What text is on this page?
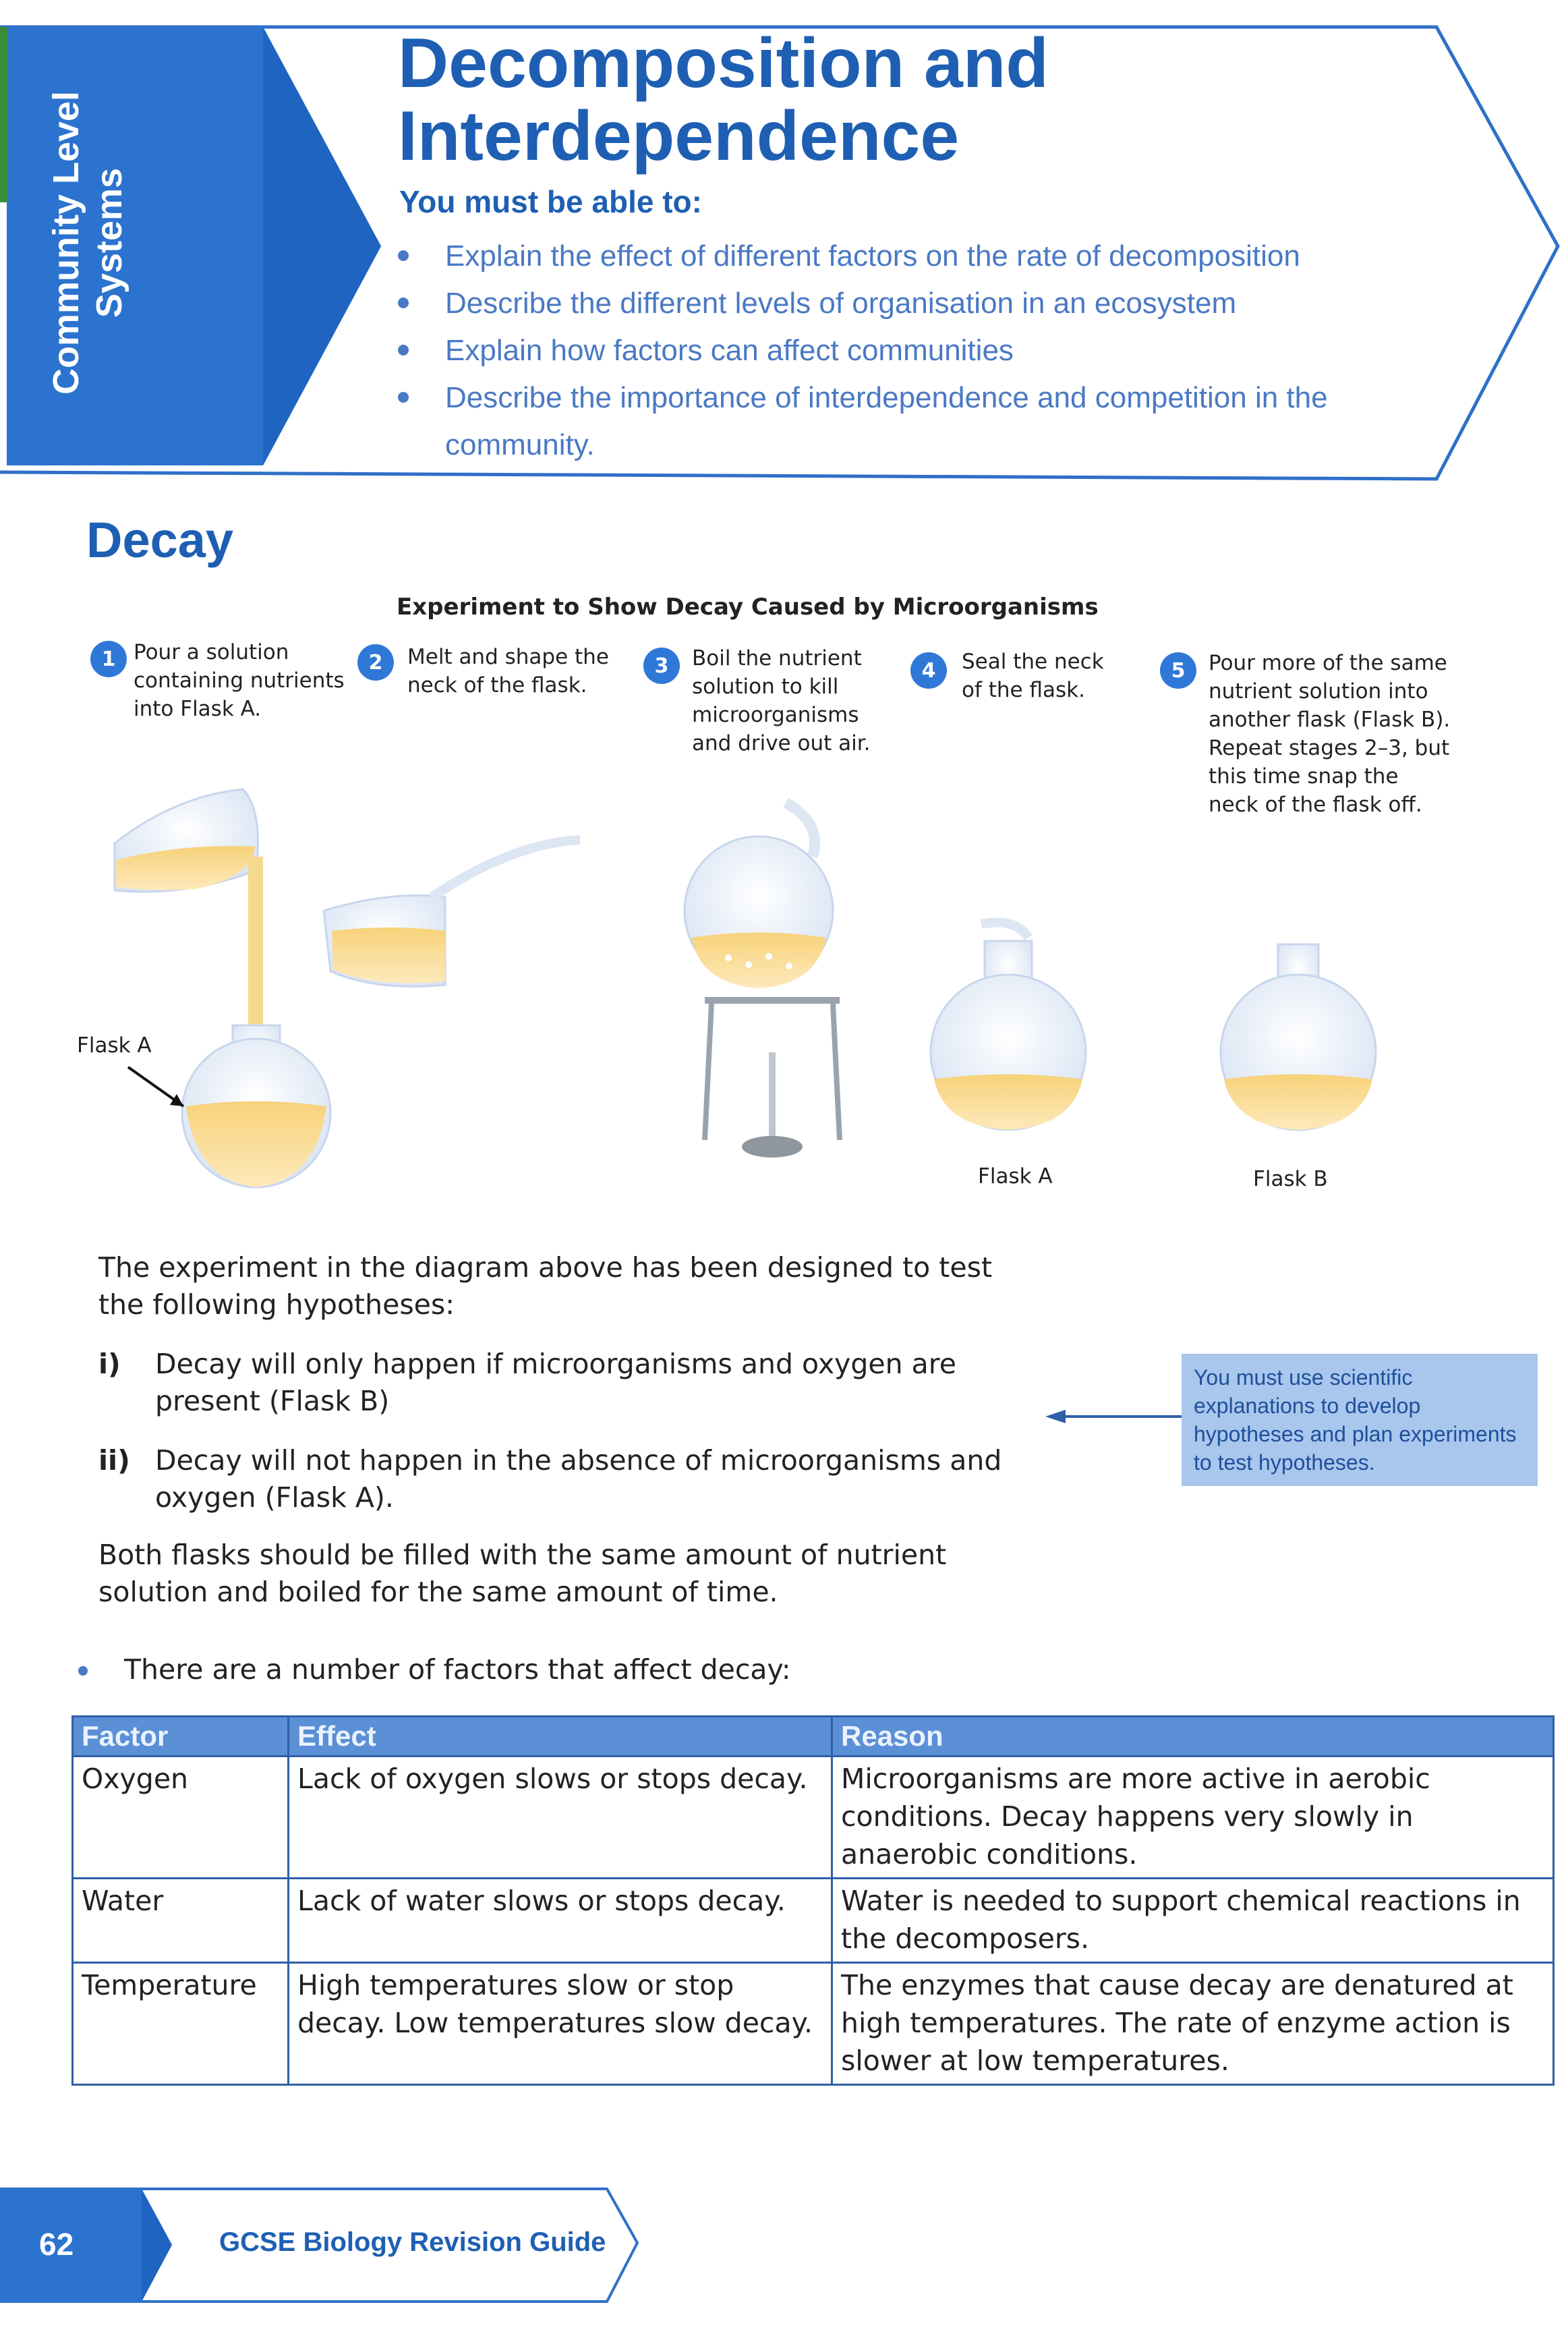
Community Level Systems
Decomposition and
Interdependence
You must be able to:
Explain the effect of different factors on the rate of decomposition
Describe the different levels of organisation in an ecosystem
Explain how factors can affect communities
Describe the importance of interdependence and competition in the community.
Decay
Experiment to Show Decay Caused by Microorganisms
1 Pour a solution containing nutrients into Flask A.
2	Melt and shape the neck of the flask.
3	Boil the nutrient solution to kill microorganisms and drive out air.
4	Seal the neck of the flask.
5	Pour more of the same nutrient solution into another flask (Flask B). Repeat stages 2–3, but this time snap the neck of the flask off.
Flask A
Flask A	Flask B
The experiment in the diagram above has been designed to test the following hypotheses:
i) Decay will only happen if microorganisms and oxygen are present (Flask B)
ii) Decay will not happen in the absence of microorganisms and oxygen (Flask A).
Both flasks should be filled with the same amount of nutrient solution and boiled for the same amount of time.
You must use scientific explanations to develop hypotheses and plan experiments to test hypotheses.
There are a number of factors that affect decay:
Factor	Effect	Reason
Oxygen	Lack of oxygen slows or stops decay.	Microorganisms are more active in aerobic conditions. Decay happens very slowly in anaerobic conditions.
Water	Lack of water slows or stops decay.	Water is needed to support chemical reactions in the decomposers.
Temperature	High temperatures slow or stop decay. Low temperatures slow decay.	The enzymes that cause decay are denatured at high temperatures. The rate of enzyme action is slower at low temperatures.
62	GCSE Biology Revision Guide
